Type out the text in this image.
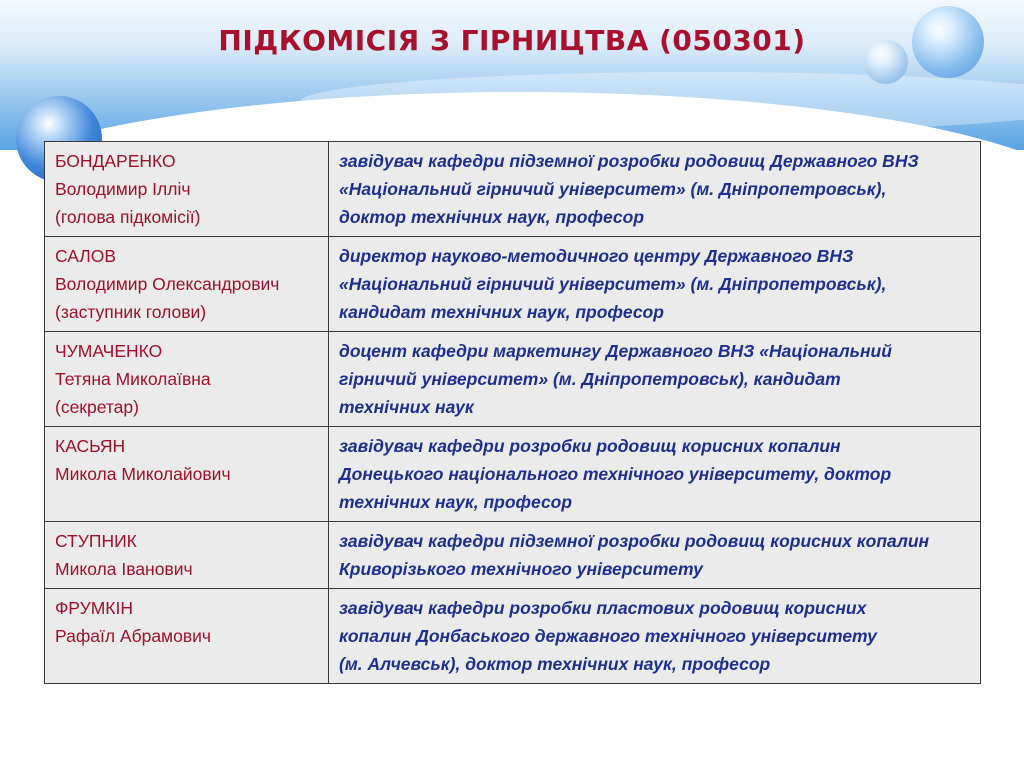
ПІДКОМІСІЯ З ГІРНИЦТВА (050301)
БОНДАРЕНКО
Володимир Ілліч
(голова підкомісії)	завідувач кафедри підземної розробки родовищ Державного ВНЗ
«Національний гірничий університет» (м. Дніпропетровськ),
доктор технічних наук, професор

САЛОВ
Володимир Олександрович
(заступник голови)	директор науково-методичного центру Державного ВНЗ
«Національний гірничий університет» (м. Дніпропетровськ),
кандидат технічних наук, професор

ЧУМАЧЕНКО
Тетяна Миколаївна
(секретар)	доцент кафедри маркетингу Державного ВНЗ «Національний
гірничий університет» (м. Дніпропетровськ), кандидат
технічних наук

КАСЬЯН
Микола Миколайович	завідувач кафедри розробки родовищ корисних копалин
Донецького національного технічного університету, доктор
технічних наук, професор

СТУПНИК
Микола Іванович	завідувач кафедри підземної розробки родовищ корисних копалин
Криворізького технічного університету

ФРУМКІН
Рафаїл Абрамович	завідувач кафедри розробки пластових родовищ корисних
копалин Донбаського державного технічного університету
(м. Алчевськ), доктор технічних наук, професор
